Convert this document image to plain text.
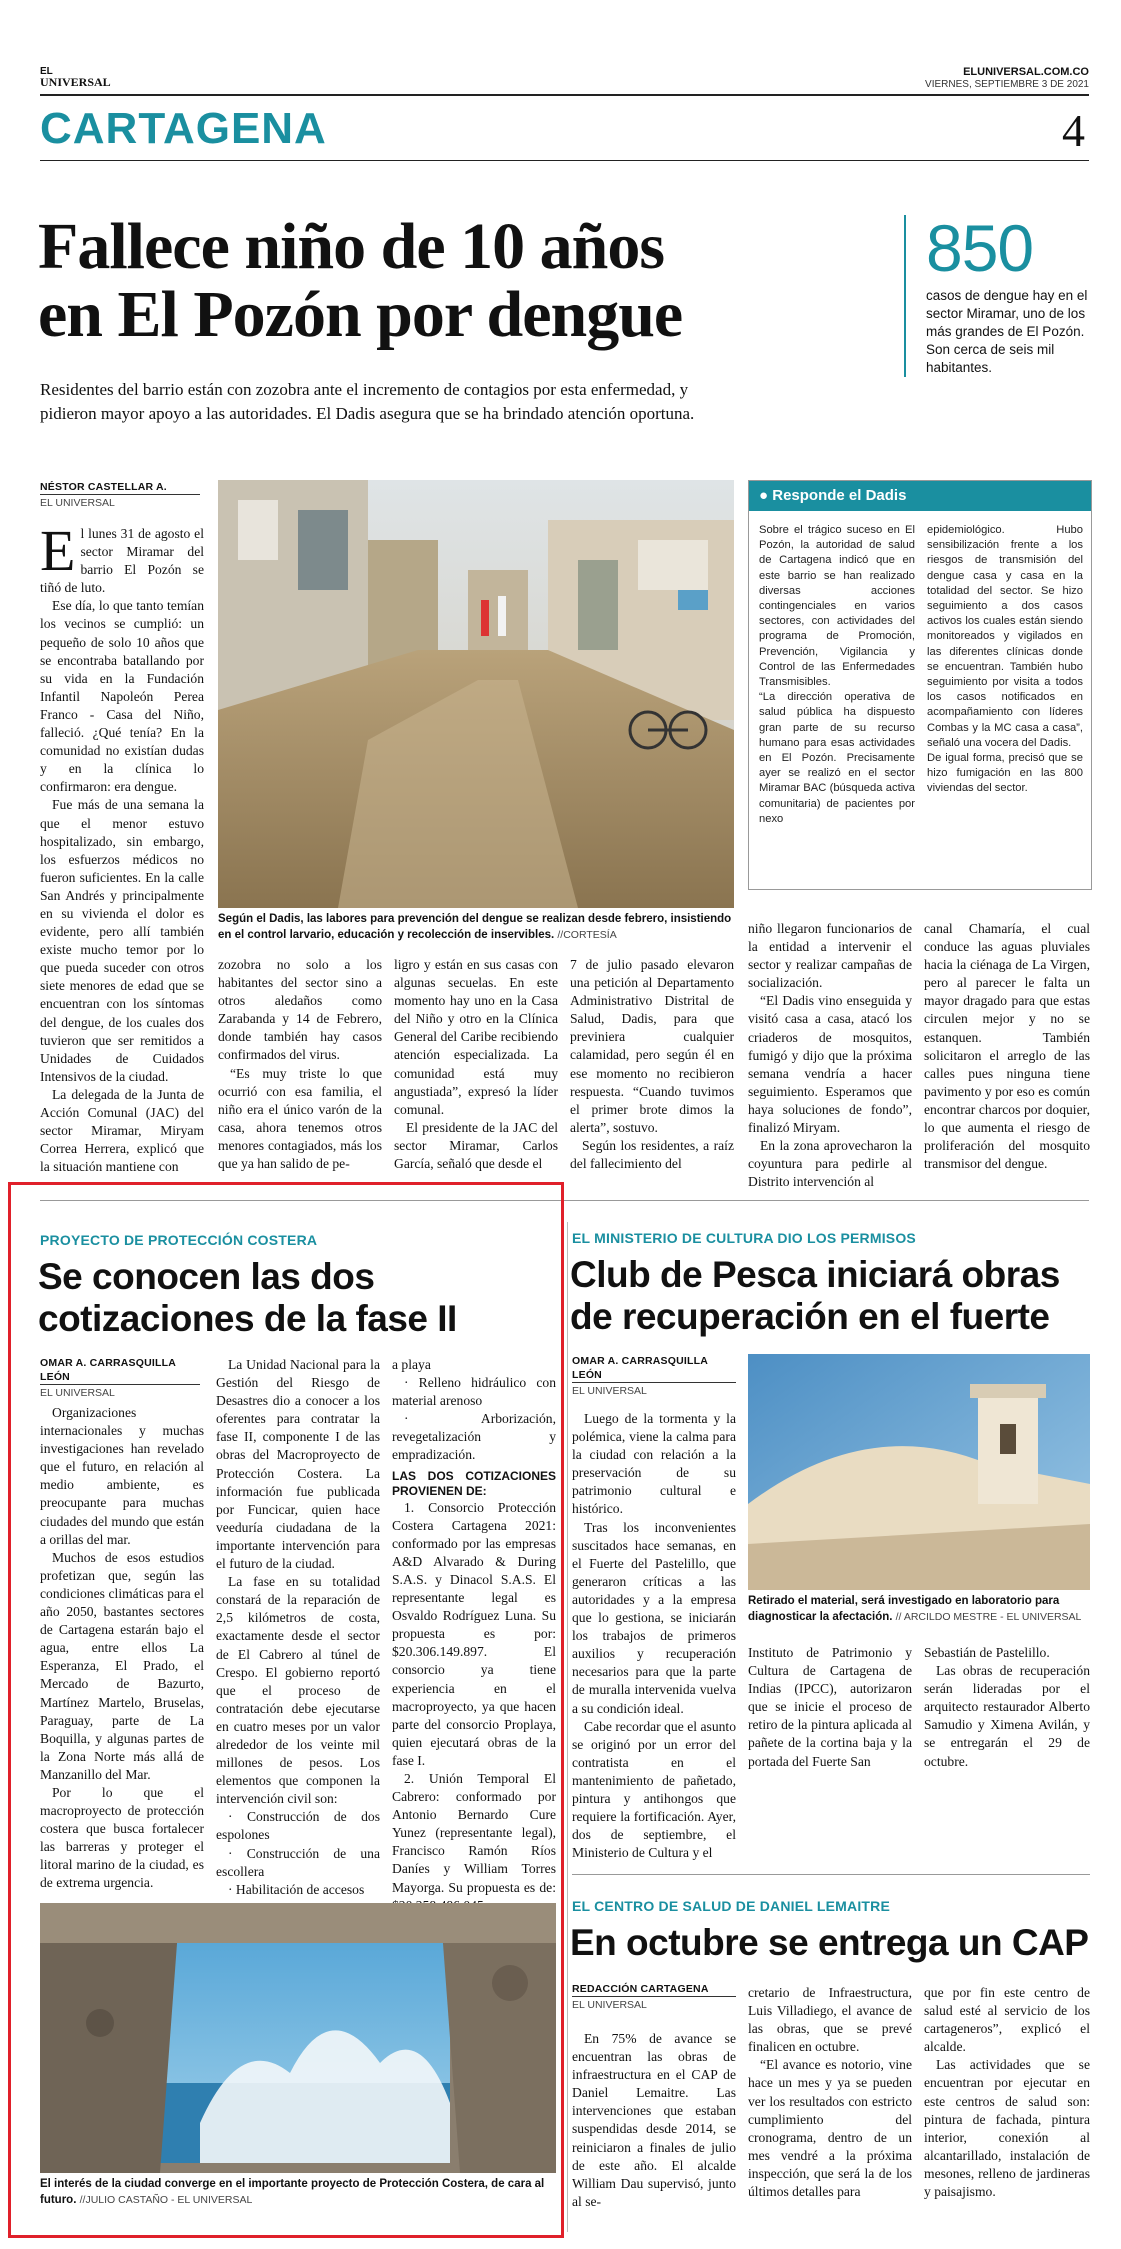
EL
UNIVERSAL
ELUNIVERSAL.COM.CO
VIERNES, SEPTIEMBRE 3 DE 2021
CARTAGENA	4
Fallece niño de 10 años
en El Pozón por dengue
Residentes del barrio están con zozobra ante el incremento de contagios por esta enfermedad, y
pidieron mayor apoyo a las autoridades. El Dadis asegura que se ha brindado atención oportuna.
850
casos de dengue hay en el sector Miramar, uno de los más grandes de El Pozón. Son cerca de seis mil habitantes.
NÉSTOR CASTELLAR A.
EL UNIVERSAL
E l lunes 31 de agosto el sector Miramar del barrio El Pozón se tiñó de luto.

Ese día, lo que tanto temían los vecinos se cumplió: un pequeño de solo 10 años que se encontraba batallando por su vida en la Fundación Infantil Napoleón Perea Franco - Casa del Niño, falleció. ¿Qué tenía? En la comunidad no existían dudas y en la clínica lo confirmaron: era dengue.

Fue más de una semana la que el menor estuvo hospitalizado, sin embargo, los esfuerzos médicos no fueron suficientes. En la calle San Andrés y principalmente en su vivienda el dolor es evidente, pero allí también existe mucho temor por lo que pueda suceder con otros siete menores de edad que se encuentran con los síntomas del dengue, de los cuales dos tuvieron que ser remitidos a Unidades de Cuidados Intensivos de la ciudad.

La delegada de la Junta de Acción Comunal (JAC) del sector Miramar, Miryam Correa Herrera, explicó que la situación mantiene con

Según el Dadis, las labores para prevención del dengue se realizan desde febrero, insistiendo en el control larvario, educación y recolección de inservibles. //CORTESÍA
● Responde el Dadis

Sobre el trágico suceso en El Pozón, la autoridad de salud de Cartagena indicó que en este barrio se han realizado diversas acciones contingenciales en varios sectores, con actividades del programa de Promoción, Prevención, Vigilancia y Control de las Enfermedades Transmisibles.

“La dirección operativa de salud pública ha dispuesto gran parte de su recurso humano para esas actividades en El Pozón. Precisamente ayer se realizó en el sector Miramar BAC (búsqueda activa comunitaria) de pacientes por nexo

epidemiológico. Hubo sensibilización frente a los riesgos de transmisión del dengue casa y casa en la totalidad del sector. Se hizo seguimiento a dos casos activos los cuales están siendo monitoreados y vigilados en las diferentes clínicas donde se encuentran. También hubo seguimiento por visita a todos los casos notificados en acompañamiento con líderes Combas y la MC casa a casa”, señaló una vocera del Dadis.

De igual forma, precisó que se hizo fumigación en las 800 viviendas del sector.

zozobra no solo a los habitantes del sector sino a otros aledaños como Zarabanda y 14 de Febrero, donde también hay casos confirmados del virus.

“Es muy triste lo que ocurrió con esa familia, el niño era el único varón de la casa, ahora tenemos otros menores contagiados, más los que ya han salido de pe-

ligro y están en sus casas con algunas secuelas. En este momento hay uno en la Casa del Niño y otro en la Clínica General del Caribe recibiendo atención especializada. La comunidad está muy angustiada”, expresó la líder comunal.

El presidente de la JAC del sector Miramar, Carlos García, señaló que desde el

7 de julio pasado elevaron una petición al Departamento Administrativo Distrital de Salud, Dadis, para que previniera cualquier calamidad, pero según él en ese momento no recibieron respuesta. “Cuando tuvimos el primer brote dimos la alerta”, sostuvo.

Según los residentes, a raíz del fallecimiento del

niño llegaron funcionarios de la entidad a intervenir el sector y realizar campañas de socialización.

“El Dadis vino enseguida y visitó casa a casa, atacó los criaderos de mosquitos, fumigó y dijo que la próxima semana vendría a hacer seguimiento. Esperamos que haya soluciones de fondo”, finalizó Miryam.

En la zona aprovecharon la coyuntura para pedirle al Distrito intervención al

canal Chamaría, el cual conduce las aguas pluviales hacia la ciénaga de La Virgen, pero al parecer le falta un mayor dragado para que estas circulen mejor y no se estanquen. También solicitaron el arreglo de las calles pues ninguna tiene pavimento y por eso es común encontrar charcos por doquier, lo que aumenta el riesgo de proliferación del mosquito transmisor del dengue.

PROYECTO DE PROTECCIÓN COSTERA
Se conocen las dos
cotizaciones de la fase II
OMAR A. CARRASQUILLA LEÓN
EL UNIVERSAL

Organizaciones internacionales y muchas investigaciones han revelado que el futuro, en relación al medio ambiente, es preocupante para muchas ciudades del mundo que están a orillas del mar.

Muchos de esos estudios profetizan que, según las condiciones climáticas para el año 2050, bastantes sectores de Cartagena estarán bajo el agua, entre ellos La Esperanza, El Prado, el Mercado de Bazurto, Martínez Martelo, Bruselas, Paraguay, parte de La Boquilla, y algunas partes de la Zona Norte más allá de Manzanillo del Mar.

Por lo que el macroproyecto de protección costera que busca fortalecer las barreras y proteger el litoral marino de la ciudad, es de extrema urgencia.

La Unidad Nacional para la Gestión del Riesgo de Desastres dio a conocer a los oferentes para contratar la fase II, componente I de las obras del Macroproyecto de Protección Costera. La información fue publicada por Funcicar, quien hace veeduría ciudadana de la importante intervención para el futuro de la ciudad.

La fase en su totalidad constará de la reparación de 2,5 kilómetros de costa, exactamente desde el sector de El Cabrero al túnel de Crespo. El gobierno reportó que el proceso de contratación debe ejecutarse en cuatro meses por un valor alrededor de los veinte mil millones de pesos. Los elementos que componen la intervención civil son:

· Construcción de dos espolones

· Construcción de una escollera

· Habilitación de accesos

a playa

· Relleno hidráulico con material arenoso

· Arborización, revegetalización y empradización.

LAS DOS COTIZACIONES PROVIENEN DE:

1. Consorcio Protección Costera Cartagena 2021: conformado por las empresas A&D Alvarado & During S.A.S. y Dinacol S.A.S. El representante legal es Osvaldo Rodríguez Luna. Su propuesta es por: $20.306.149.897. El consorcio ya tiene experiencia en el macroproyecto, ya que hacen parte del consorcio Proplaya, quien ejecutará obras de la fase I.

2. Unión Temporal El Cabrero: conformado por Antonio Bernardo Cure Yunez (representante legal), Francisco Ramón Ríos Daníes y William Torres Mayorga. Su propuesta es de:

El interés de la ciudad converge en el importante proyecto de Protección Costera, de cara al futuro. //JULIO CASTAÑO - EL UNIVERSAL
EL MINISTERIO DE CULTURA DIO LOS PERMISOS
Club de Pesca iniciará obras
de recuperación en el fuerte
OMAR A. CARRASQUILLA LEÓN
EL UNIVERSAL

Luego de la tormenta y la polémica, viene la calma para la ciudad con relación a la preservación de su patrimonio cultural e histórico.

Tras los inconvenientes suscitados hace semanas, en el Fuerte del Pastelillo, que generaron críticas a las autoridades y a la empresa que lo gestiona, se iniciarán los trabajos de primeros auxilios y recuperación necesarios para que la parte de muralla intervenida vuelva a su condición ideal.

Cabe recordar que el asunto se originó por un error del contratista en el mantenimiento de pañetado, pintura y antihongos que requiere la fortificación. Ayer, dos de septiembre, el Ministerio de Cultura y el

Retirado el material, será investigado en laboratorio para diagnosticar la afectación. // ARCILDO MESTRE - EL UNIVERSAL

Instituto de Patrimonio y Cultura de Cartagena de Indias (IPCC), autorizaron que se inicie el proceso de retiro de la pintura aplicada al pañete de la cortina baja y la portada del Fuerte San

Sebastián de Pastelillo.

Las obras de recuperación serán lideradas por el arquitecto restaurador Alberto Samudio y Ximena Avilán, y se entregarán el 29 de octubre.

EL CENTRO DE SALUD DE DANIEL LEMAITRE
En octubre se entrega un CAP
REDACCIÓN CARTAGENA
EL UNIVERSAL

En 75% de avance se encuentran las obras de infraestructura en el CAP de Daniel Lemaitre. Las intervenciones que estaban suspendidas desde 2014, se reiniciaron a finales de julio de este año. El alcalde William Dau supervisó, junto al se-

cretario de Infraestructura, Luis Villadiego, el avance de las obras, que se prevé finalicen en octubre.

“El avance es notorio, vine hace un mes y ya se pueden ver los resultados con estricto cumplimiento del cronograma, dentro de un mes vendré a la próxima inspección, que será la de los últimos detalles para

que por fin este centro de salud esté al servicio de los cartageneros”, explicó el alcalde.

Las actividades que se encuentran por ejecutar en este centros de salud son: pintura de fachada, pintura interior, conexión al alcantarillado, instalación de mesones, relleno de jardineras y paisajismo.
